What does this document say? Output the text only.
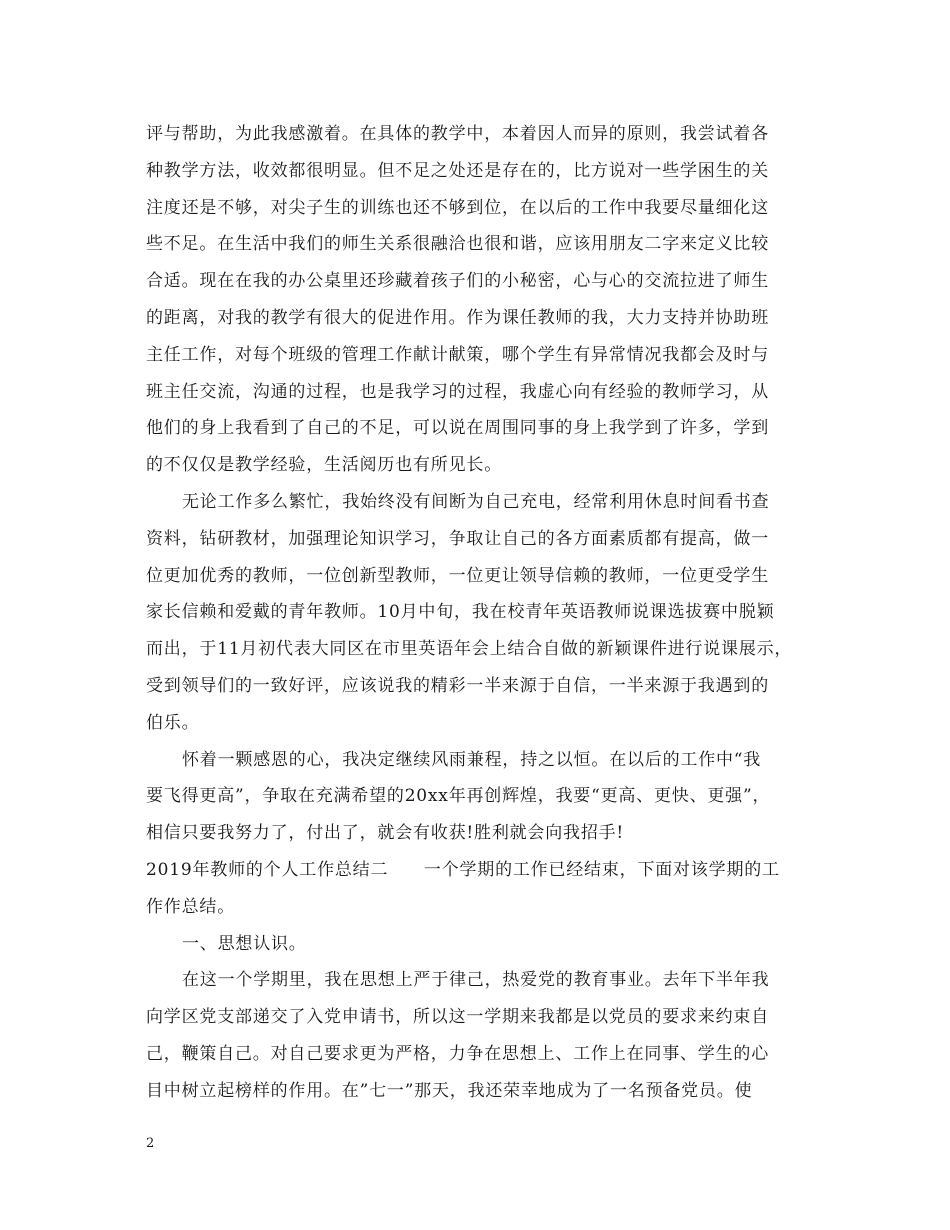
评与帮助，为此我感激着。在具体的教学中，本着因人而异的原则，我尝试着各
种教学方法，收效都很明显。但不足之处还是存在的，比方说对一些学困生的关
注度还是不够，对尖子生的训练也还不够到位，在以后的工作中我要尽量细化这
些不足。在生活中我们的师生关系很融洽也很和谐，应该用朋友二字来定义比较
合适。现在在我的办公桌里还珍藏着孩子们的小秘密，心与心的交流拉进了师生
的距离，对我的教学有很大的促进作用。作为课任教师的我，大力支持并协助班
主任工作，对每个班级的管理工作献计献策，哪个学生有异常情况我都会及时与
班主任交流，沟通的过程，也是我学习的过程，我虚心向有经验的教师学习，从
他们的身上我看到了自己的不足，可以说在周围同事的身上我学到了许多，学到
的不仅仅是教学经验，生活阅历也有所见长。
无论工作多么繁忙，我始终没有间断为自己充电，经常利用休息时间看书查
资料，钻研教材，加强理论知识学习，争取让自己的各方面素质都有提高，做一
位更加优秀的教师，一位创新型教师，一位更让领导信赖的教师，一位更受学生
家长信赖和爱戴的青年教师。10月中旬，我在校青年英语教师说课选拔赛中脱颖
而出，于11月初代表大同区在市里英语年会上结合自做的新颖课件进行说课展示，
受到领导们的一致好评，应该说我的精彩一半来源于自信，一半来源于我遇到的
伯乐。
怀着一颗感恩的心，我决定继续风雨兼程，持之以恒。在以后的工作中“我
要飞得更高”，争取在充满希望的20xx年再创辉煌，我要“更高、更快、更强”，
相信只要我努力了，付出了，就会有收获!胜利就会向我招手!
2019年教师的个人工作总结二　　一个学期的工作已经结束，下面对该学期的工
作作总结。
一、思想认识。
在这一个学期里，我在思想上严于律己，热爱党的教育事业。去年下半年我
向学区党支部递交了入党申请书，所以这一学期来我都是以党员的要求来约束自
己，鞭策自己。对自己要求更为严格，力争在思想上、工作上在同事、学生的心
目中树立起榜样的作用。在”七一”那天，我还荣幸地成为了一名预备党员。使
2
